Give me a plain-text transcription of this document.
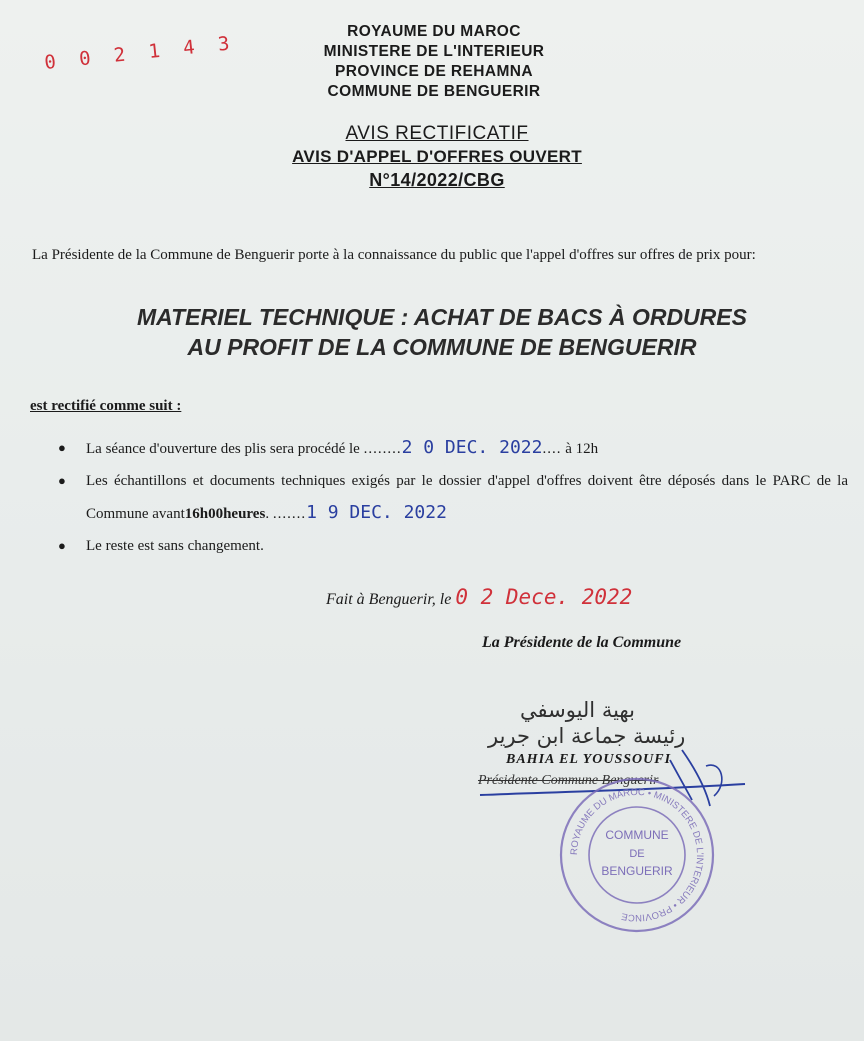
0 0 2 1 4 3
ROYAUME DU MAROC
MINISTERE DE L'INTERIEUR
PROVINCE DE REHAMNA
COMMUNE DE BENGUERIR
AVIS RECTIFICATIF
AVIS D'APPEL D'OFFRES OUVERT
N°14/2022/CBG
La Présidente de la Commune de Benguerir porte à la connaissance du public que l'appel d'offres sur offres de prix pour:
MATERIEL TECHNIQUE : ACHAT DE BACS À ORDURES
AU PROFIT DE LA COMMUNE DE BENGUERIR
est rectifié comme suit :
● La séance d'ouverture des plis sera procédé le ........2 0 DEC. 2022.... à 12h
● Les échantillons et documents techniques exigés par le dossier d'appel d'offres doivent être déposés dans le PARC de la Commune avant16h00heures. .......1 9 DEC. 2022
● Le reste est sans changement.
Fait à Benguerir, le 0 2 Dece. 2022
La Présidente de la Commune
بهية اليوسفي
رئيسة جماعة ابن جرير
BAHIA EL YOUSSOUFI
Présidente Commune Benguerir
ROYAUME DU MAROC • MINISTERE DE L'INTERIEUR • PROVINCE
COMMUNE
DE
BENGUERIR
